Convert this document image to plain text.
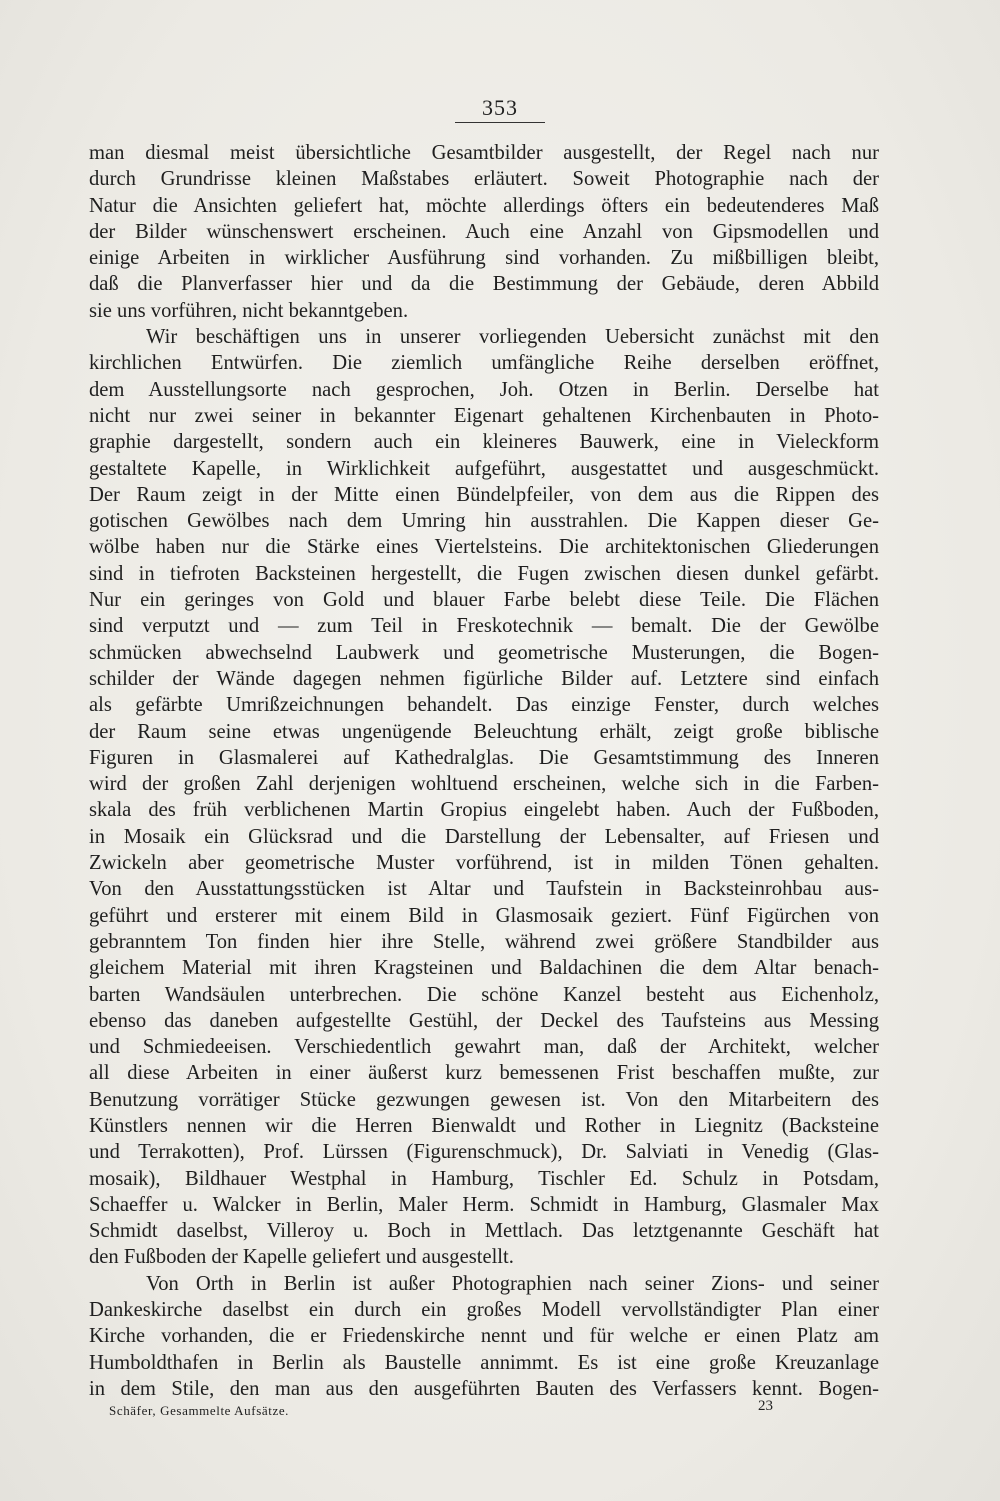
353
man diesmal meist übersichtliche Gesamtbilder ausgestellt, der Regel nach nur
durch Grundrisse kleinen Maßstabes erläutert. Soweit Photographie nach der
Natur die Ansichten geliefert hat, möchte allerdings öfters ein bedeutenderes Maß
der Bilder wünschenswert erscheinen. Auch eine Anzahl von Gipsmodellen und
einige Arbeiten in wirklicher Ausführung sind vorhanden. Zu mißbilligen bleibt,
daß die Planverfasser hier und da die Bestimmung der Gebäude, deren Abbild
sie uns vorführen, nicht bekanntgeben.
Wir beschäftigen uns in unserer vorliegenden Uebersicht zunächst mit den
kirchlichen Entwürfen. Die ziemlich umfängliche Reihe derselben eröffnet,
dem Ausstellungsorte nach gesprochen, Joh. Otzen in Berlin. Derselbe hat
nicht nur zwei seiner in bekannter Eigenart gehaltenen Kirchenbauten in Photo-
graphie dargestellt, sondern auch ein kleineres Bauwerk, eine in Vieleckform
gestaltete Kapelle, in Wirklichkeit aufgeführt, ausgestattet und ausgeschmückt.
Der Raum zeigt in der Mitte einen Bündelpfeiler, von dem aus die Rippen des
gotischen Gewölbes nach dem Umring hin ausstrahlen. Die Kappen dieser Ge-
wölbe haben nur die Stärke eines Viertelsteins. Die architektonischen Gliederungen
sind in tiefroten Backsteinen hergestellt, die Fugen zwischen diesen dunkel gefärbt.
Nur ein geringes von Gold und blauer Farbe belebt diese Teile. Die Flächen
sind verputzt und — zum Teil in Freskotechnik — bemalt. Die der Gewölbe
schmücken abwechselnd Laubwerk und geometrische Musterungen, die Bogen-
schilder der Wände dagegen nehmen figürliche Bilder auf. Letztere sind einfach
als gefärbte Umrißzeichnungen behandelt. Das einzige Fenster, durch welches
der Raum seine etwas ungenügende Beleuchtung erhält, zeigt große biblische
Figuren in Glasmalerei auf Kathedralglas. Die Gesamtstimmung des Inneren
wird der großen Zahl derjenigen wohltuend erscheinen, welche sich in die Farben-
skala des früh verblichenen Martin Gropius eingelebt haben. Auch der Fußboden,
in Mosaik ein Glücksrad und die Darstellung der Lebensalter, auf Friesen und
Zwickeln aber geometrische Muster vorführend, ist in milden Tönen gehalten.
Von den Ausstattungsstücken ist Altar und Taufstein in Backsteinrohbau aus-
geführt und ersterer mit einem Bild in Glasmosaik geziert. Fünf Figürchen von
gebranntem Ton finden hier ihre Stelle, während zwei größere Standbilder aus
gleichem Material mit ihren Kragsteinen und Baldachinen die dem Altar benach-
barten Wandsäulen unterbrechen. Die schöne Kanzel besteht aus Eichenholz,
ebenso das daneben aufgestellte Gestühl, der Deckel des Taufsteins aus Messing
und Schmiedeeisen. Verschiedentlich gewahrt man, daß der Architekt, welcher
all diese Arbeiten in einer äußerst kurz bemessenen Frist beschaffen mußte, zur
Benutzung vorrätiger Stücke gezwungen gewesen ist. Von den Mitarbeitern des
Künstlers nennen wir die Herren Bienwaldt und Rother in Liegnitz (Backsteine
und Terrakotten), Prof. Lürssen (Figurenschmuck), Dr. Salviati in Venedig (Glas-
mosaik), Bildhauer Westphal in Hamburg, Tischler Ed. Schulz in Potsdam,
Schaeffer u. Walcker in Berlin, Maler Herm. Schmidt in Hamburg, Glasmaler Max
Schmidt daselbst, Villeroy u. Boch in Mettlach. Das letztgenannte Geschäft hat
den Fußboden der Kapelle geliefert und ausgestellt.
Von Orth in Berlin ist außer Photographien nach seiner Zions- und seiner
Dankeskirche daselbst ein durch ein großes Modell vervollständigter Plan einer
Kirche vorhanden, die er Friedenskirche nennt und für welche er einen Platz am
Humboldthafen in Berlin als Baustelle annimmt. Es ist eine große Kreuzanlage
in dem Stile, den man aus den ausgeführten Bauten des Verfassers kennt. Bogen-
Schäfer, Gesammelte Aufsätze.	23
